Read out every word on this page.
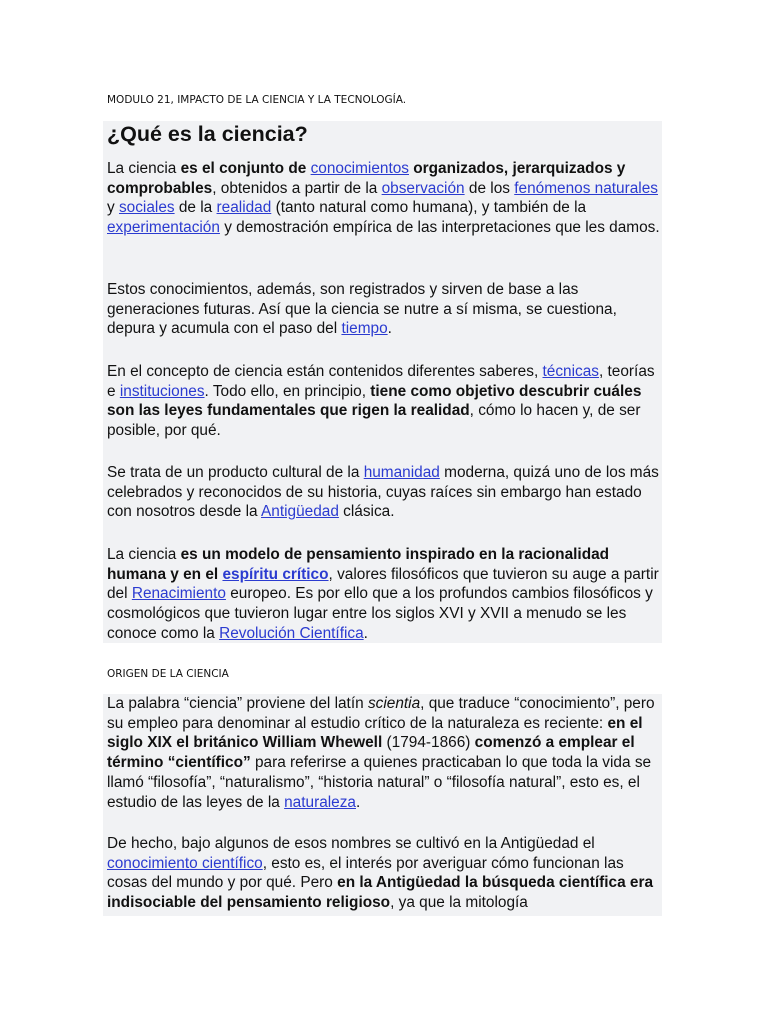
MODULO 21, IMPACTO DE LA CIENCIA Y LA TECNOLOGÍA.
¿Qué es la ciencia?
La ciencia es el conjunto de conocimientos organizados, jerarquizados y comprobables, obtenidos a partir de la observación de los fenómenos naturales y sociales de la realidad (tanto natural como humana), y también de la experimentación y demostración empírica de las interpretaciones que les damos.
Estos conocimientos, además, son registrados y sirven de base a las generaciones futuras. Así que la ciencia se nutre a sí misma, se cuestiona, depura y acumula con el paso del tiempo.
En el concepto de ciencia están contenidos diferentes saberes, técnicas, teorías e instituciones. Todo ello, en principio, tiene como objetivo descubrir cuáles son las leyes fundamentales que rigen la realidad, cómo lo hacen y, de ser posible, por qué.
Se trata de un producto cultural de la humanidad moderna, quizá uno de los más celebrados y reconocidos de su historia, cuyas raíces sin embargo han estado con nosotros desde la Antigüedad clásica.
La ciencia es un modelo de pensamiento inspirado en la racionalidad humana y en el espíritu crítico, valores filosóficos que tuvieron su auge a partir del Renacimiento europeo. Es por ello que a los profundos cambios filosóficos y cosmológicos que tuvieron lugar entre los siglos XVI y XVII a menudo se les conoce como la Revolución Científica.
ORIGEN DE LA CIENCIA
La palabra “ciencia” proviene del latín scientia, que traduce “conocimiento”, pero su empleo para denominar al estudio crítico de la naturaleza es reciente: en el siglo XIX el británico William Whewell (1794-1866) comenzó a emplear el término “científico” para referirse a quienes practicaban lo que toda la vida se llamó “filosofía”, “naturalismo”, “historia natural” o “filosofía natural”, esto es, el estudio de las leyes de la naturaleza.
De hecho, bajo algunos de esos nombres se cultivó en la Antigüedad el conocimiento científico, esto es, el interés por averiguar cómo funcionan las cosas del mundo y por qué. Pero en la Antigüedad la búsqueda científica era indisociable del pensamiento religioso, ya que la mitología
